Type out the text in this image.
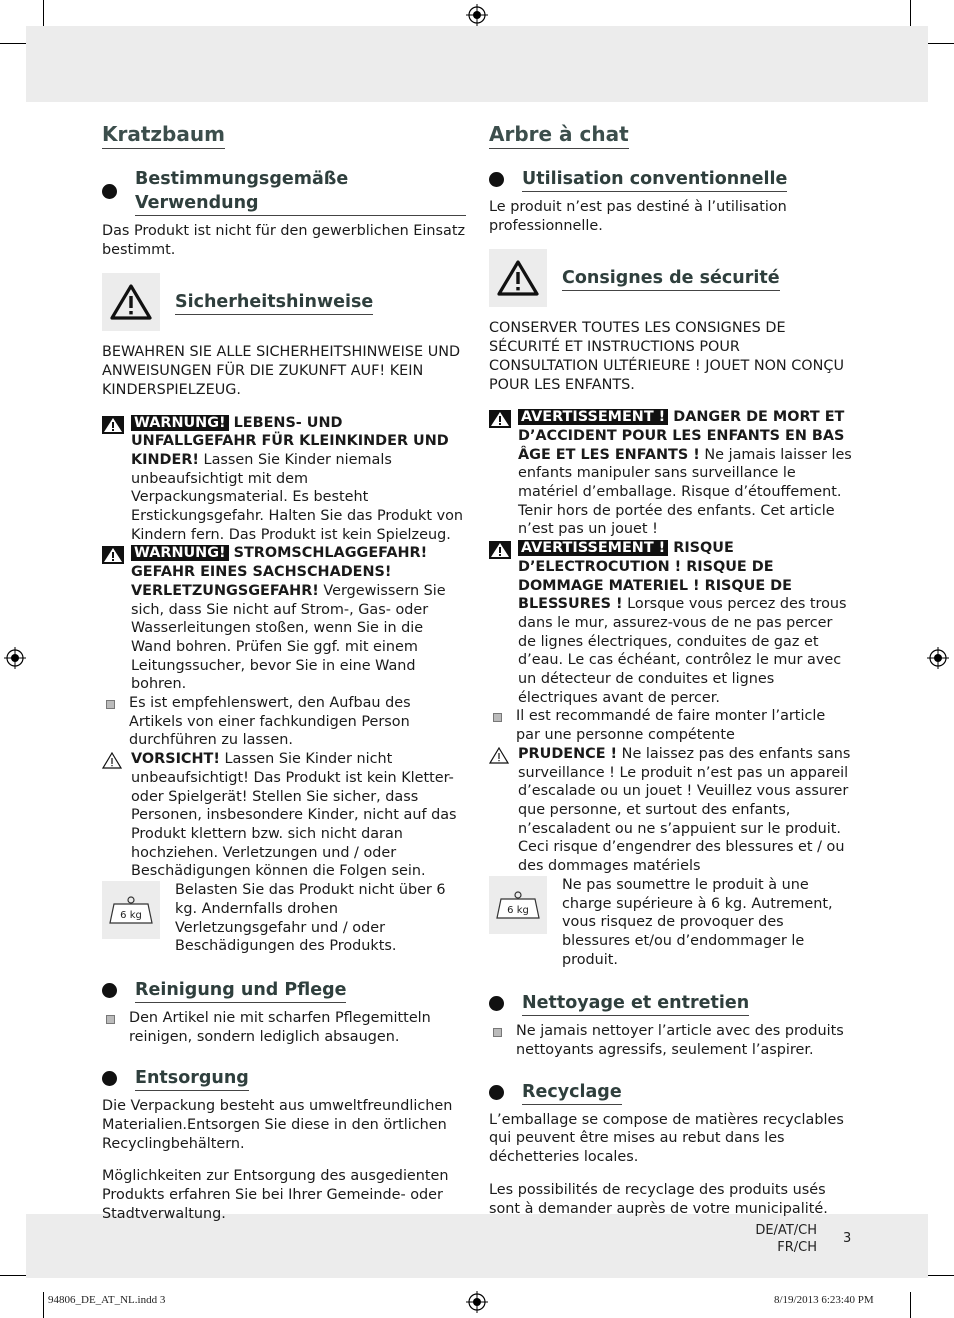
Kratzbaum
Bestimmungsgemäße Verwendung

Das Produkt ist nicht für den gewerblichen Einsatz bestimmt.

Sicherheitshinweise

BEWAHREN SIE ALLE SICHERHEITSHINWEISE UND ANWEISUNGEN FÜR DIE ZUKUNFT AUF! KEIN KINDERSPIELZEUG.

WARNUNG! LEBENS- UND UNFALLGEFAHR FÜR KLEINKINDER UND KINDER! Lassen Sie Kinder niemals unbeaufsichtigt mit dem Verpackungsmaterial. Es besteht Erstickungsgefahr. Halten Sie das Produkt von Kindern fern. Das Produkt ist kein Spielzeug.

WARNUNG! STROMSCHLAGGEFAHR! GEFAHR EINES SACHSCHADENS! VERLETZUNGSGEFAHR! Vergewissern Sie sich, dass Sie nicht auf Strom-, Gas- oder Wasserleitungen stoßen, wenn Sie in die Wand bohren. Prüfen Sie ggf. mit einem Leitungssucher, bevor Sie in eine Wand bohren.

Es ist empfehlenswert, den Aufbau des Artikels von einer fachkundigen Person durchführen zu lassen.

VORSICHT! Lassen Sie Kinder nicht unbeaufsichtigt! Das Produkt ist kein Kletter- oder Spielgerät! Stellen Sie sicher, dass Personen, insbesondere Kinder, nicht auf das Produkt klettern bzw. sich nicht daran hochziehen. Verletzungen und / oder Beschädigungen können die Folgen sein.

6 kg

Belasten Sie das Produkt nicht über 6 kg. Andernfalls drohen Verletzungsgefahr und / oder Beschädigungen des Produkts.

Reinigung und Pflege

Den Artikel nie mit scharfen Pflegemitteln reinigen, sondern lediglich absaugen.

Entsorgung

Die Verpackung besteht aus umweltfreundlichen Materialien.Entsorgen Sie diese in den örtlichen Recyclingbehältern.

Möglichkeiten zur Entsorgung des ausgedienten Produkts erfahren Sie bei Ihrer Gemeinde- oder Stadtverwaltung.

Arbre à chat
Utilisation conventionnelle

Le produit n’est pas destiné à l’utilisation professionnelle.

Consignes de sécurité

CONSERVER TOUTES LES CONSIGNES DE SÉCURITÉ ET INSTRUCTIONS POUR CONSULTATION ULTÉRIEURE ! JOUET NON CONÇU POUR LES ENFANTS.

AVERTISSEMENT ! DANGER DE MORT ET D’ACCIDENT POUR LES ENFANTS EN BAS ÂGE ET LES ENFANTS ! Ne jamais laisser les enfants manipuler sans surveillance le matériel d’emballage. Risque d’étouffement. Tenir hors de portée des enfants. Cet article n’est pas un jouet !

AVERTISSEMENT ! RISQUE D’ELECTROCUTION ! RISQUE DE DOMMAGE MATERIEL ! RISQUE DE BLESSURES ! Lorsque vous percez des trous dans le mur, assurez-vous de ne pas percer de lignes électriques, conduites de gaz et d’eau. Le cas échéant, contrôlez le mur avec un détecteur de conduites et lignes électriques avant de percer.

Il est recommandé de faire monter l’article par une personne compétente

PRUDENCE ! Ne laissez pas des enfants sans surveillance ! Le produit n’est pas un appareil d’escalade ou un jouet ! Veuillez vous assurer que personne, et surtout des enfants, n’escaladent ou ne s’appuient sur le produit. Ceci risque d’engendrer des blessures et / ou des dommages matériels

6 kg

Ne pas soumettre le produit à une charge supérieure à 6 kg. Autrement, vous risquez de provoquer des blessures et/ou d’endommager le produit.

Nettoyage et entretien

Ne jamais nettoyer l’article avec des produits nettoyants agressifs, seulement l’aspirer.

Recyclage

L’emballage se compose de matières recyclables qui peuvent être mises au rebut dans les déchetteries locales.

Les possibilités de recyclage des produits usés sont à demander auprès de votre municipalité.

DE/AT/CH
FR/CH
3
94806_DE_AT_NL.indd 3	8/19/2013 6:23:40 PM
